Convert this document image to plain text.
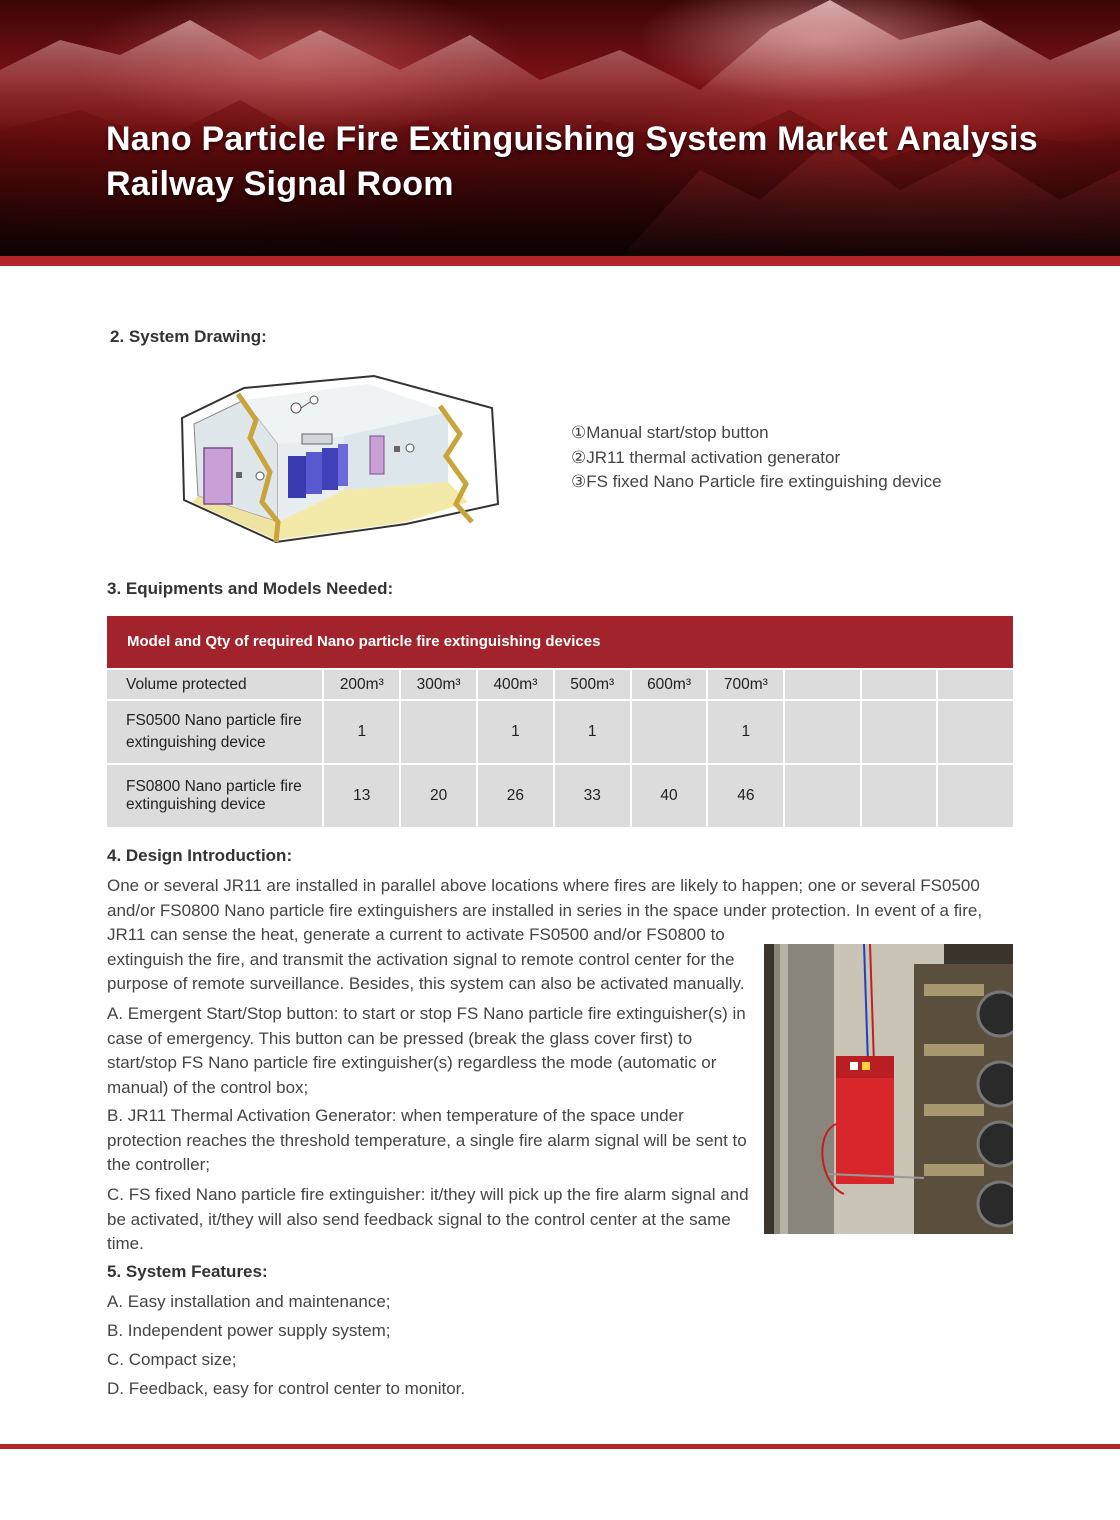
Nano Particle Fire Extinguishing System Market Analysis
Railway Signal Room
2. System Drawing:
①Manual start/stop button
②JR11 thermal activation generator
③FS fixed Nano Particle fire extinguishing device
3. Equipments and Models Needed:
Model and Qty of required Nano particle fire extinguishing devices
Volume protected	200m³	300m³	400m³	500m³	600m³	700m³			
FS0500 Nano particle fire extinguishing device	1		1	1		1			
FS0800 Nano particle fire extinguishing device	13	20	26	33	40	46			
4. Design Introduction:

One or several JR11 are installed in parallel above locations where fires are likely to happen; one or several FS0500 and/or FS0800 Nano particle fire extinguishers are installed in series in the space under protection. In event of a fire,

JR11 can sense the heat, generate a current to activate FS0500 and/or FS0800 to extinguish the fire, and transmit the activation signal to remote control center for the purpose of remote surveillance. Besides, this system can also be activated manually.

A. Emergent Start/Stop button: to start or stop FS Nano particle fire extinguisher(s) in case of emergency. This button can be pressed (break the glass cover first) to start/stop FS Nano particle fire extinguisher(s) regardless the mode (automatic or manual) of the control box;

B. JR11 Thermal Activation Generator: when temperature of the space under protection reaches the threshold temperature, a single fire alarm signal will be sent to the controller;

C. FS fixed Nano particle fire extinguisher: it/they will pick up the fire alarm signal and be activated, it/they will also send feedback signal to the control center at the same time.

5. System Features:

A. Easy installation and maintenance;

B. Independent power supply system;

C. Compact size;

D. Feedback, easy for control center to monitor.
